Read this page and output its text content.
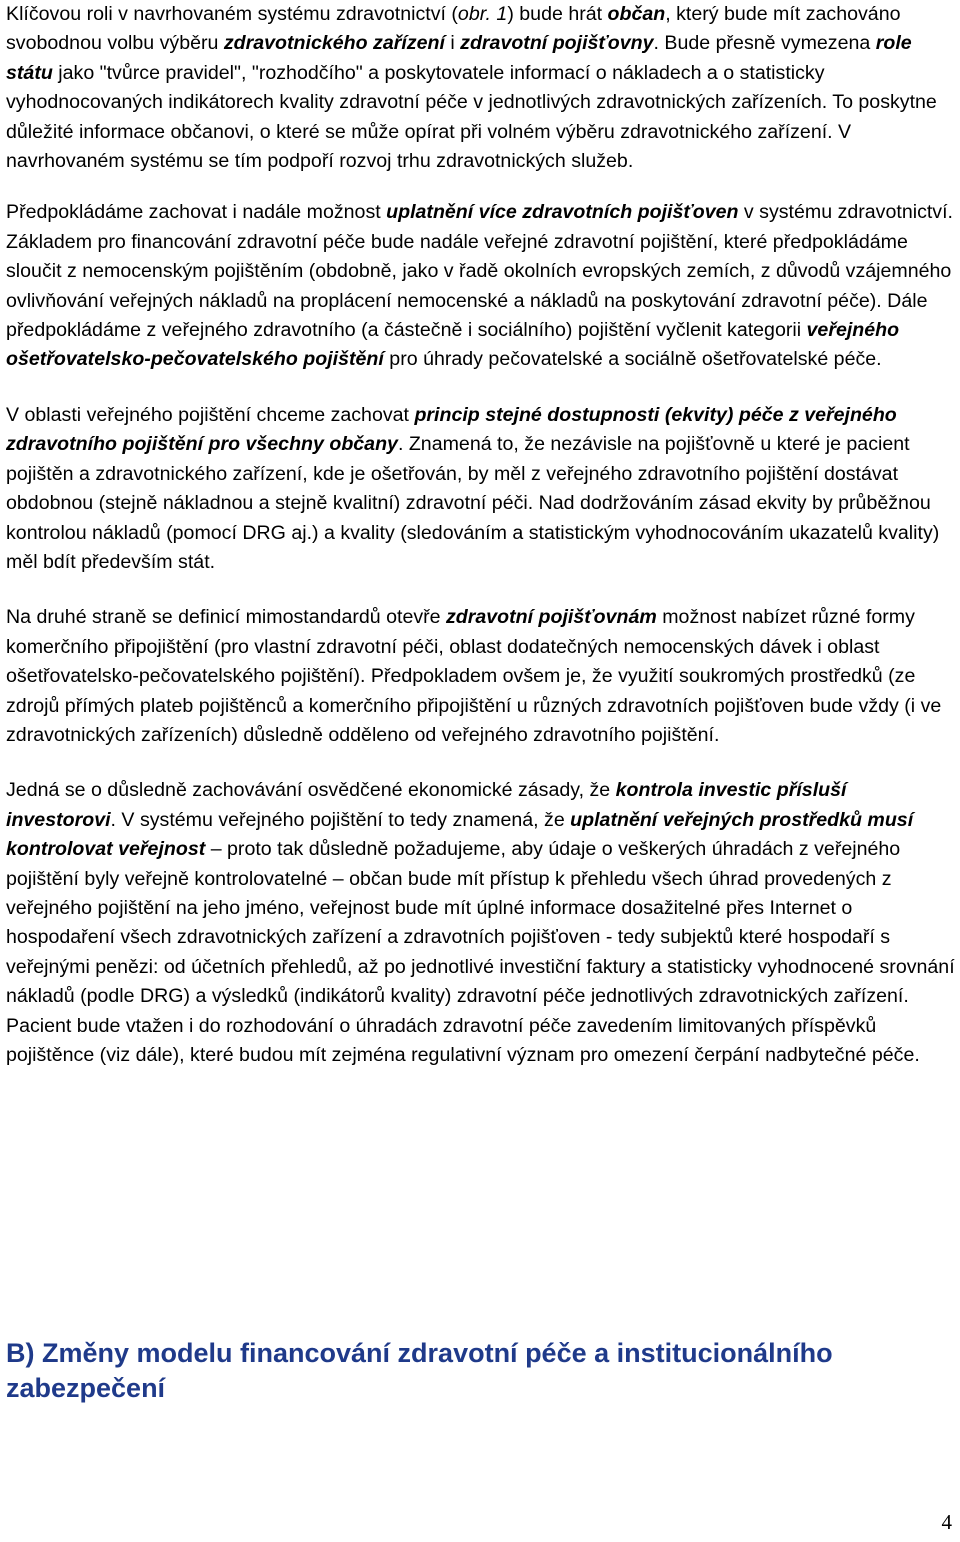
Klíčovou roli v navrhovaném systému zdravotnictví (obr. 1) bude hrát občan, který bude mít zachováno svobodnou volbu výběru zdravotnického zařízení i zdravotní pojišťovny. Bude přesně vymezena role státu jako "tvůrce pravidel", "rozhodčího" a poskytovatele informací o nákladech a o statisticky vyhodnocovaných indikátorech kvality zdravotní péče v jednotlivých zdravotnických zařízeních. To poskytne důležité informace občanovi, o které se může opírat při volném výběru zdravotnického zařízení. V navrhovaném systému se tím podpoří rozvoj trhu zdravotnických služeb.

Předpokládáme zachovat i nadále možnost uplatnění více zdravotních pojišťoven v systému zdravotnictví. Základem pro financování zdravotní péče bude nadále veřejné zdravotní pojištění, které předpokládáme sloučit z nemocenským pojištěním (obdobně, jako v řadě okolních evropských zemích, z důvodů vzájemného ovlivňování veřejných nákladů na proplácení nemocenské a nákladů na poskytování zdravotní péče). Dále předpokládáme z veřejného zdravotního (a částečně i sociálního) pojištění vyčlenit kategorii veřejného ošetřovatelsko-pečovatelského pojištění pro úhrady pečovatelské a sociálně ošetřovatelské péče.

V oblasti veřejného pojištění chceme zachovat princip stejné dostupnosti (ekvity) péče z veřejného zdravotního pojištění pro všechny občany. Znamená to, že nezávisle na pojišťovně u které je pacient pojištěn a zdravotnického zařízení, kde je ošetřován, by měl z veřejného zdravotního pojištění dostávat obdobnou (stejně nákladnou a stejně kvalitní) zdravotní péči. Nad dodržováním zásad ekvity by průběžnou kontrolou nákladů (pomocí DRG aj.) a kvality (sledováním a statistickým vyhodnocováním ukazatelů kvality) měl bdít především stát.

Na druhé straně se definicí mimostandardů otevře zdravotní pojišťovnám možnost nabízet různé formy komerčního připojištění (pro vlastní zdravotní péči, oblast dodatečných nemocenských dávek i oblast ošetřovatelsko-pečovatelského pojištění). Předpokladem ovšem je, že využití soukromých prostředků (ze zdrojů přímých plateb pojištěnců a komerčního připojištění u různých zdravotních pojišťoven bude vždy (i ve zdravotnických zařízeních) důsledně odděleno od veřejného zdravotního pojištění.

Jedná se o důsledně zachovávání osvědčené ekonomické zásady, že kontrola investic přísluší investorovi. V systému veřejného pojištění to tedy znamená, že uplatnění veřejných prostředků musí kontrolovat veřejnost – proto tak důsledně požadujeme, aby údaje o veškerých úhradách z veřejného pojištění byly veřejně kontrolovatelné – občan bude mít přístup k přehledu všech úhrad provedených z veřejného pojištění na jeho jméno, veřejnost bude mít úplné informace dosažitelné přes Internet o hospodaření všech zdravotnických zařízení a zdravotních pojišťoven - tedy subjektů které hospodaří s veřejnými penězi: od účetních přehledů, až po jednotlivé investiční faktury a statisticky vyhodnocené srovnání nákladů (podle DRG) a výsledků (indikátorů kvality) zdravotní péče jednotlivých zdravotnických zařízení. Pacient bude vtažen i do rozhodování o úhradách zdravotní péče zavedením limitovaných příspěvků pojištěnce (viz dále), které budou mít zejména regulativní význam pro omezení čerpání nadbytečné péče.

B) Změny modelu financování zdravotní péče a institucionálního zabezpečení
4
